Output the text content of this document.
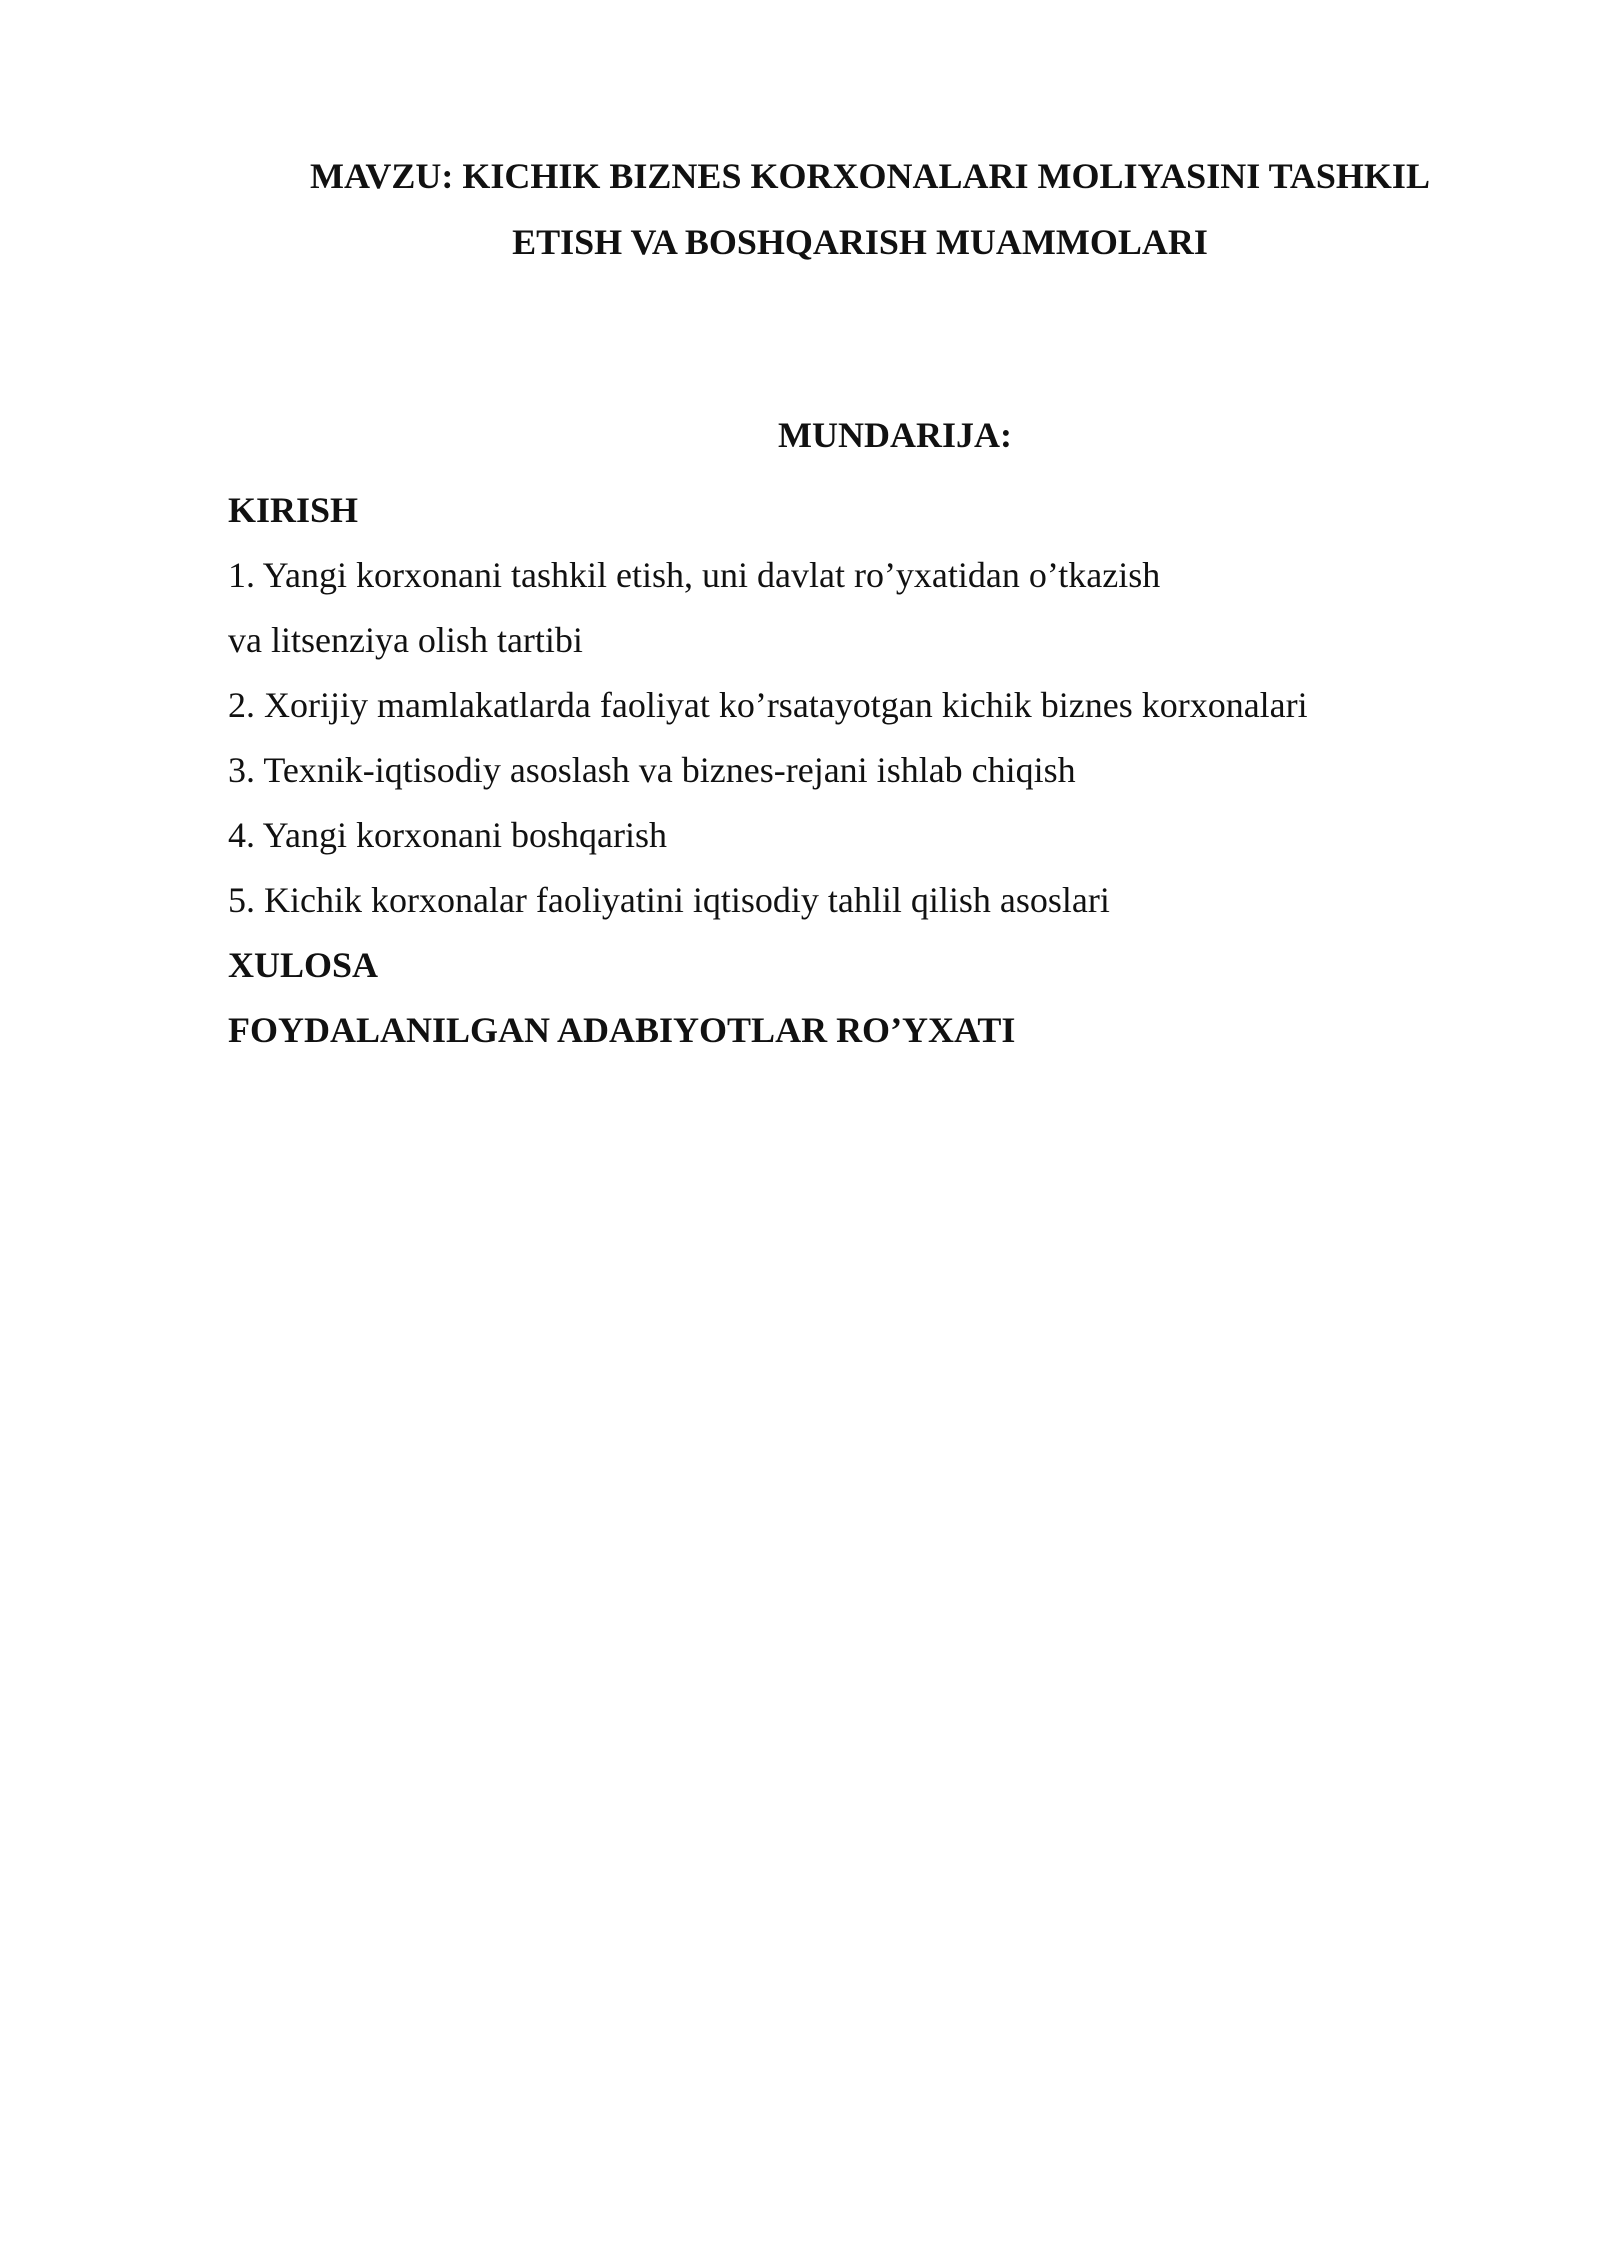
MAVZU: KICHIK BIZNES KORXONALARI MOLIYASINI TASHKIL
ETISH VA BOSHQARISH MUAMMOLARI
MUNDARIJA:
KIRISH
1. Yangi korxonani tashkil etish, uni davlat ro’yxatidan o’tkazish
va litsenziya olish tartibi
2. Xorijiy mamlakatlarda faoliyat ko’rsatayotgan kichik biznes korxonalari
3. Texnik-iqtisodiy asoslash va biznes-rejani ishlab chiqish
4. Yangi korxonani boshqarish
5. Kichik korxonalar faoliyatini iqtisodiy tahlil qilish asoslari
XULOSA
FOYDALANILGAN ADABIYOTLAR RO’YXATI
